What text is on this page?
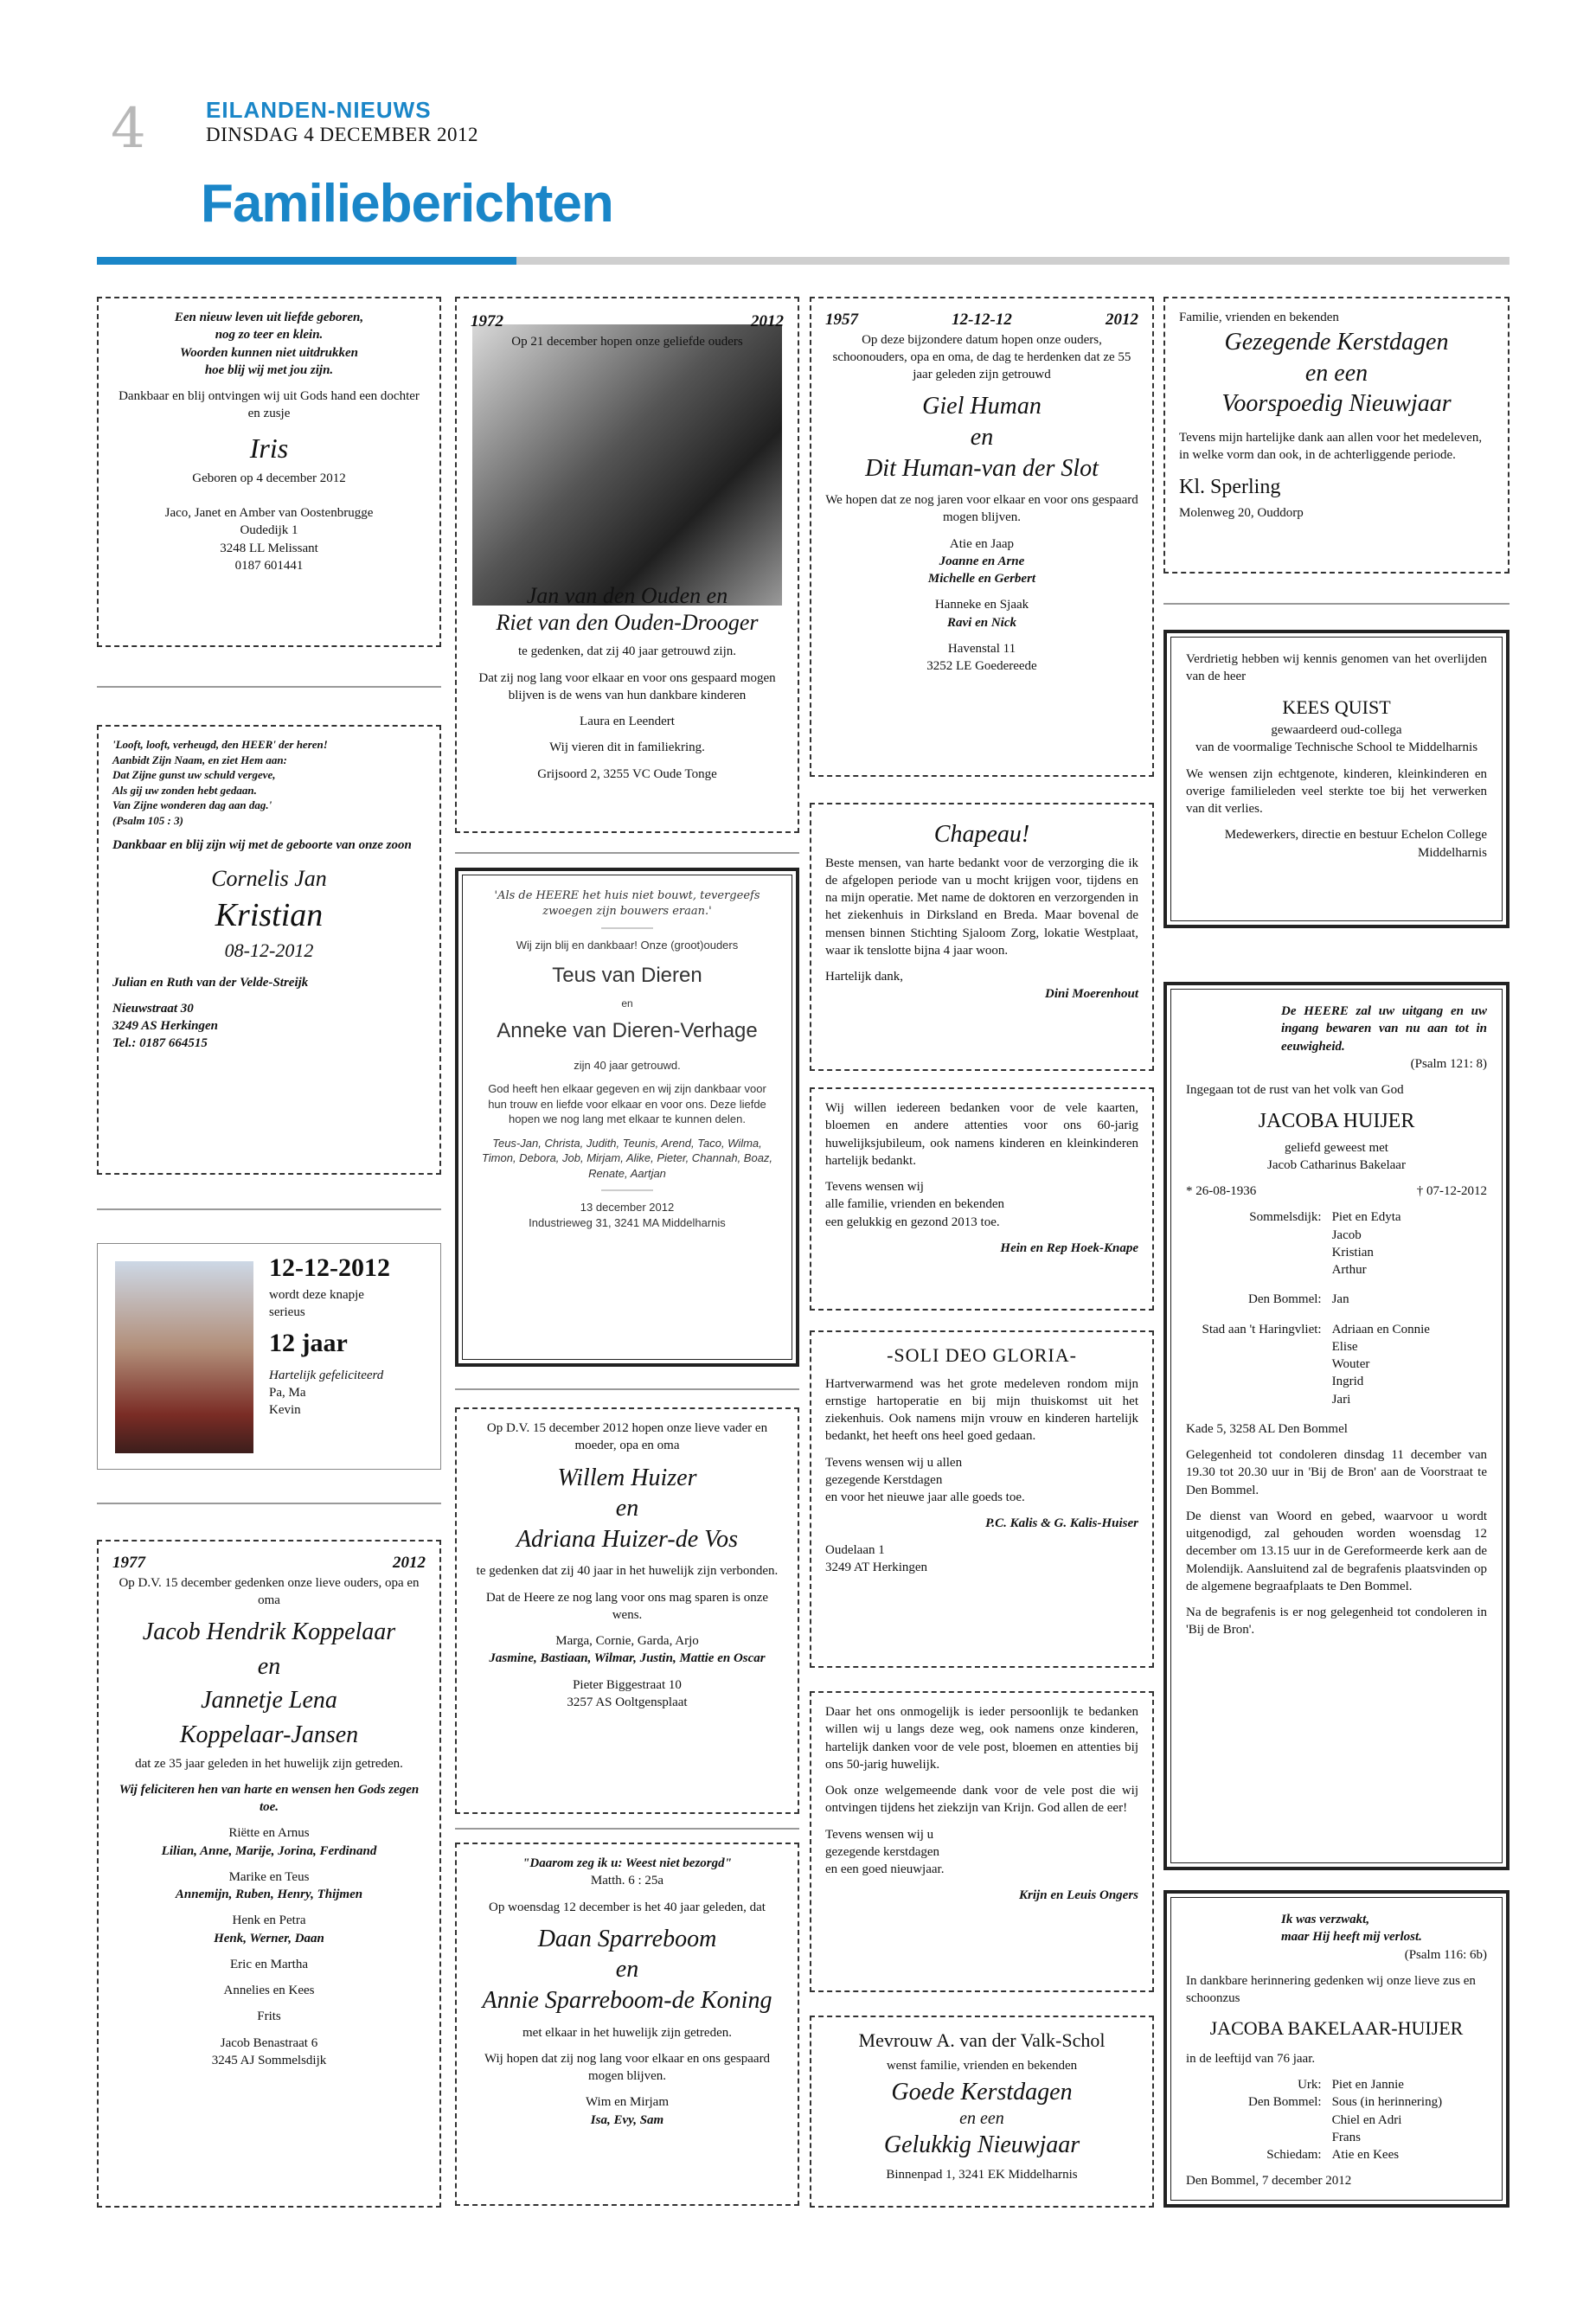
4	EILANDEN-NIEUWS
DINSDAG 4 DECEMBER 2012
Familieberichten

Een nieuw leven uit liefde geboren,
nog zo teer en klein.
Woorden kunnen niet uitdrukken
hoe blij wij met jou zijn.

Dankbaar en blij ontvingen wij uit Gods hand een dochter en zusje

Iris

Geboren op 4 december 2012

Jaco, Janet en Amber van Oostenbrugge
Oudedijk 1
3248 LL Melissant
0187 601441

'Looft, looft, verheugd, den HEER' der heren!
Aanbidt Zijn Naam, en ziet Hem aan:
Dat Zijne gunst uw schuld vergeve,
Als gij uw zonden hebt gedaan.
Van Zijne wonderen dag aan dag.'
(Psalm 105 : 3)

Dankbaar en blij zijn wij met de geboorte van onze zoon

Cornelis Jan
Kristian
08-12-2012

Julian en Ruth van der Velde-Streijk

Nieuwstraat 30
3249 AS Herkingen
Tel.: 0187 664515

12-12-2012
wordt deze knapje
serieus
12 jaar
Hartelijk gefeliciteerd
Pa, Ma
Kevin
1977	2012

Op D.V. 15 december gedenken onze lieve ouders, opa en oma

Jacob Hendrik Koppelaar
en
Jannetje Lena
Koppelaar-Jansen

dat ze 35 jaar geleden in het huwelijk zijn getreden.

Wij feliciteren hen van harte en wensen hen Gods zegen toe.

Riëtte en Arnus
Lilian, Anne, Marije, Jorina, Ferdinand

Marike en Teus
Annemijn, Ruben, Henry, Thijmen

Henk en Petra
Henk, Werner, Daan

Eric en Martha

Annelies en Kees

Frits

Jacob Benastraat 6
3245 AJ Sommelsdijk

1972	2012
Op 21 december hopen onze geliefde ouders
Jan van den Ouden en
Riet van den Ouden-Drooger

te gedenken, dat zij 40 jaar getrouwd zijn.

Dat zij nog lang voor elkaar en voor ons gespaard mogen blijven is de wens van hun dankbare kinderen

Laura en Leendert

Wij vieren dit in familiekring.

Grijsoord 2, 3255 VC Oude Tonge

'Als de HEERE het huis niet bouwt, tevergeefs zwoegen zijn bouwers eraan.'

Wij zijn blij en dankbaar! Onze (groot)ouders

Teus van Dieren
en
Anneke van Dieren-Verhage

zijn 40 jaar getrouwd.

God heeft hen elkaar gegeven en wij zijn dankbaar voor hun trouw en liefde voor elkaar en voor ons. Deze liefde hopen we nog lang met elkaar te kunnen delen.

Teus-Jan, Christa, Judith, Teunis, Arend, Taco, Wilma, Timon, Debora, Job, Mirjam, Alike, Pieter, Channah, Boaz, Renate, Aartjan

13 december 2012

Industrieweg 31, 3241 MA Middelharnis

Op D.V. 15 december 2012 hopen onze lieve vader en moeder, opa en oma

Willem Huizer
en
Adriana Huizer-de Vos

te gedenken dat zij 40 jaar in het huwelijk zijn verbonden.

Dat de Heere ze nog lang voor ons mag sparen is onze wens.

Marga, Cornie, Garda, Arjo
Jasmine, Bastiaan, Wilmar, Justin, Mattie en Oscar

Pieter Biggestraat 10
3257 AS Ooltgensplaat

"Daarom zeg ik u: Weest niet bezorgd"

Matth. 6 : 25a

Op woensdag 12 december is het 40 jaar geleden, dat

Daan Sparreboom
en
Annie Sparreboom-de Koning

met elkaar in het huwelijk zijn getreden.

Wij hopen dat zij nog lang voor elkaar en ons gespaard mogen blijven.

Wim en Mirjam
Isa, Evy, Sam

1957	12-12-12	2012

Op deze bijzondere datum hopen onze ouders, schoonouders, opa en oma, de dag te herdenken dat ze 55 jaar geleden zijn getrouwd

Giel Human
en
Dit Human-van der Slot

We hopen dat ze nog jaren voor elkaar en voor ons gespaard mogen blijven.

Atie en Jaap
Joanne en Arne
Michelle en Gerbert

Hanneke en Sjaak
Ravi en Nick

Havenstal 11
3252 LE Goedereede

Chapeau!

Beste mensen, van harte bedankt voor de verzorging die ik de afgelopen periode van u mocht krijgen voor, tijdens en na mijn operatie. Met name de doktoren en verzorgenden in het ziekenhuis in Dirksland en Breda. Maar bovenal de mensen binnen Stichting Sjaloom Zorg, lokatie Westplaat, waar ik tenslotte bijna 4 jaar woon.

Hartelijk dank,

Dini Moerenhout

Wij willen iedereen bedanken voor de vele kaarten, bloemen en andere attenties voor ons 60-jarig huwelijksjubileum, ook namens kinderen en kleinkinderen hartelijk bedankt.

Tevens wensen wij
alle familie, vrienden en bekenden
een gelukkig en gezond 2013 toe.

Hein en Rep Hoek-Knape

-SOLI DEO GLORIA-

Hartverwarmend was het grote medeleven rondom mijn ernstige hartoperatie en bij mijn thuiskomst uit het ziekenhuis. Ook namens mijn vrouw en kinderen hartelijk bedankt, het heeft ons heel goed gedaan.

Tevens wensen wij u allen
gezegende Kerstdagen
en voor het nieuwe jaar alle goeds toe.

P.C. Kalis & G. Kalis-Huiser

Oudelaan 1
3249 AT Herkingen

Daar het ons onmogelijk is ieder persoonlijk te bedanken willen wij u langs deze weg, ook namens onze kinderen, hartelijk danken voor de vele post, bloemen en attenties bij ons 50-jarig huwelijk.

Ook onze welgemeende dank voor de vele post die wij ontvingen tijdens het ziekzijn van Krijn. God allen de eer!

Tevens wensen wij u
gezegende kerstdagen
en een goed nieuwjaar.

Krijn en Leuis Ongers

Mevrouw A. van der Valk-Schol

wenst familie, vrienden en bekenden

Goede Kerstdagen
en een
Gelukkig Nieuwjaar

Binnenpad 1, 3241 EK Middelharnis

Familie, vrienden en bekenden

Gezegende Kerstdagen
en een
Voorspoedig Nieuwjaar

Tevens mijn hartelijke dank aan allen voor het medeleven, in welke vorm dan ook, in de achterliggende periode.

Kl. Sperling

Molenweg 20, Ouddorp

Verdrietig hebben wij kennis genomen van het overlijden van de heer

KEES QUIST
gewaardeerd oud-collega

van de voormalige Technische School te Middelharnis

We wensen zijn echtgenote, kinderen, kleinkinderen en overige familieleden veel sterkte toe bij het verwerken van dit verlies.

Medewerkers, directie en bestuur Echelon College Middelharnis

De HEERE zal uw uitgang en uw ingang bewaren van nu aan tot in eeuwigheid.

(Psalm 121: 8)

Ingegaan tot de rust van het volk van God

JACOBA HUIJER
geliefd geweest met

Jacob Catharinus Bakelaar

* 26-08-1936	† 07-12-2012

Sommelsdijk: Piet en Edyta
Jacob
Kristian
Arthur
Den Bommel: Jan
Stad aan 't Haringvliet: Adriaan en Connie
Elise
Wouter
Ingrid
Jari

Kade 5, 3258 AL Den Bommel

Gelegenheid tot condoleren dinsdag 11 december van 19.30 tot 20.30 uur in 'Bij de Bron' aan de Voorstraat te Den Bommel.

De dienst van Woord en gebed, waarvoor u wordt uitgenodigd, zal gehouden worden woensdag 12 december om 13.15 uur in de Gereformeerde kerk aan de Molendijk. Aansluitend zal de begrafenis plaatsvinden op de algemene begraafplaats te Den Bommel.

Na de begrafenis is er nog gelegenheid tot condoleren in 'Bij de Bron'.

Ik was verzwakt,
maar Hij heeft mij verlost.

(Psalm 116: 6b)

In dankbare herinnering gedenken wij onze lieve zus en schoonzus

JACOBA BAKELAAR-HUIJER

in de leeftijd van 76 jaar.

Urk: Piet en Jannie
Den Bommel: Sous (in herinnering)
Chiel en Adri
Frans
Schiedam: Atie en Kees

Den Bommel, 7 december 2012
